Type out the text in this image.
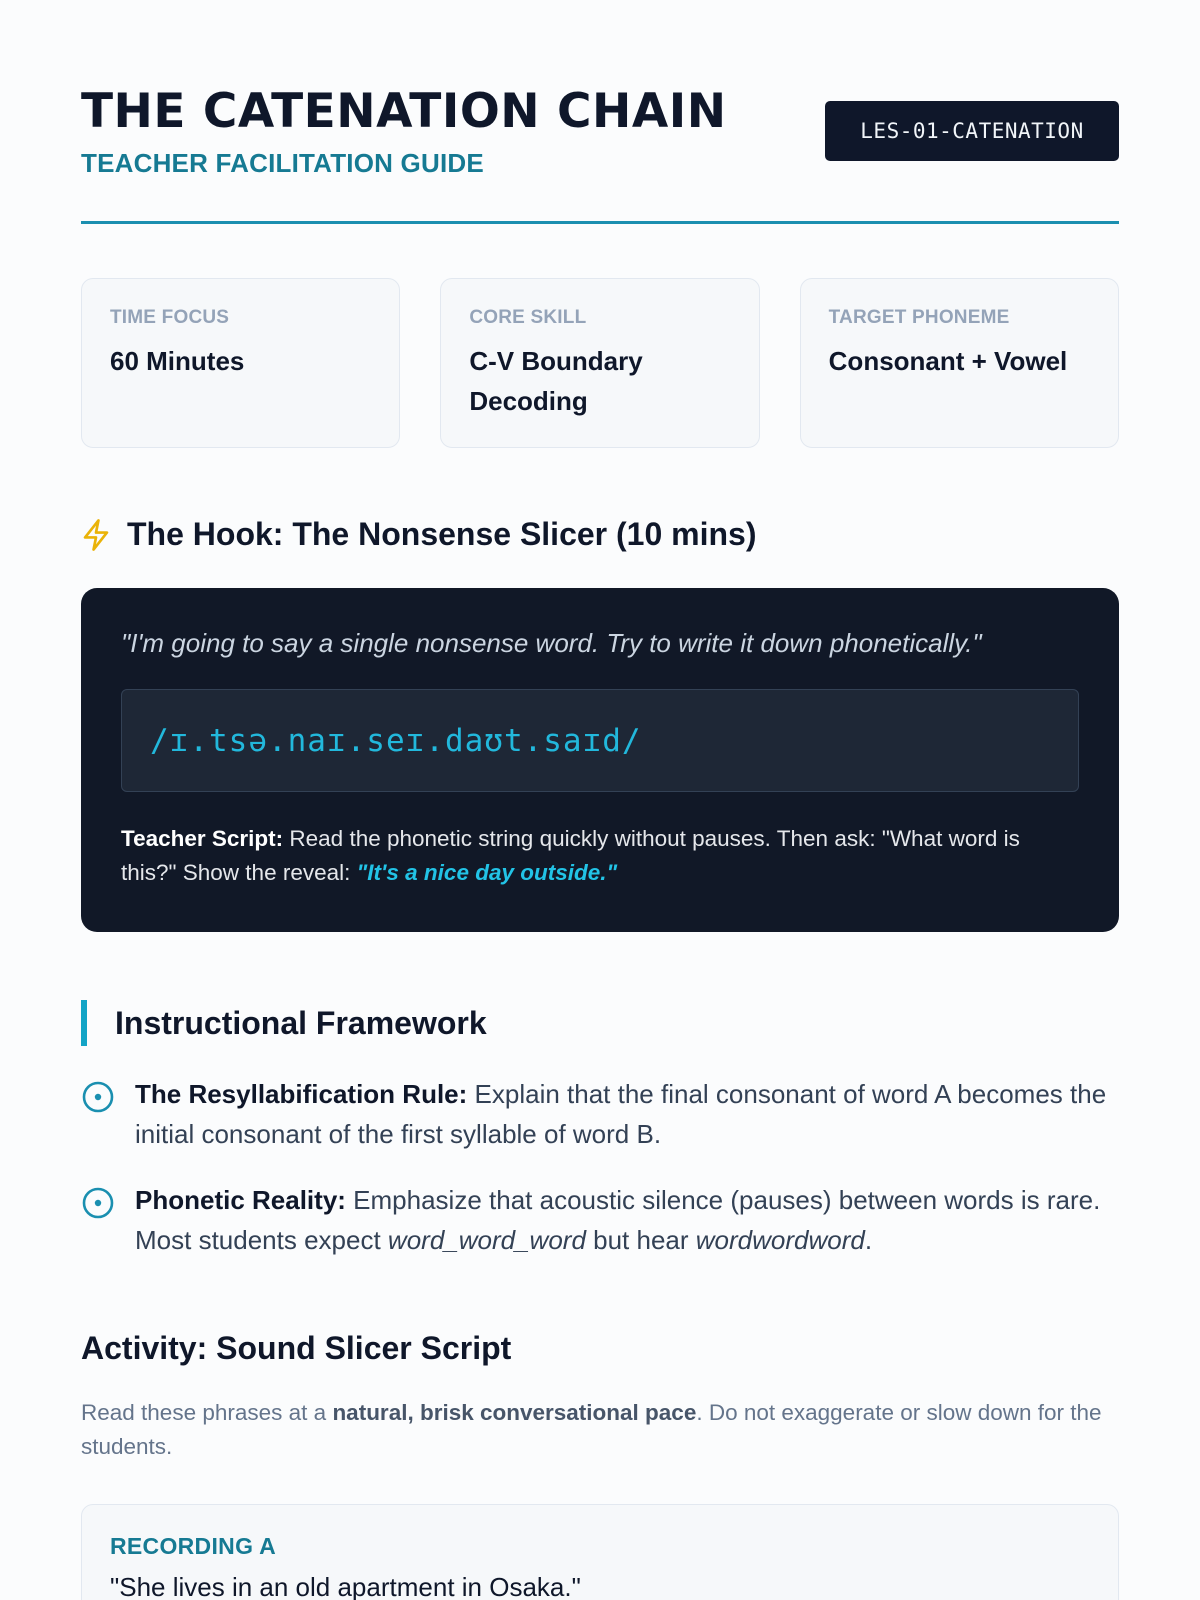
THE CATENATION CHAIN
TEACHER FACILITATION GUIDE
LES-01-CATENATION
TIME FOCUS
60 Minutes
CORE SKILL
C-V Boundary Decoding
TARGET PHONEME
Consonant + Vowel
The Hook: The Nonsense Slicer (10 mins)

"I'm going to say a single nonsense word. Try to write it down phonetically."

/ɪ.tsə.naɪ.seɪ.daʊt.saɪd/

Teacher Script: Read the phonetic string quickly without pauses. Then ask: "What word is this?" Show the reveal: "It's a nice day outside."

Instructional Framework

The Resyllabification Rule: Explain that the final consonant of word A becomes the initial consonant of the first syllable of word B.

Phonetic Reality: Emphasize that acoustic silence (pauses) between words is rare. Most students expect word_word_word but hear wordwordword.

Activity: Sound Slicer Script

Read these phrases at a natural, brisk conversational pace. Do not exaggerate or slow down for the students.

RECORDING A
"She lives in an old apartment in Osaka."
